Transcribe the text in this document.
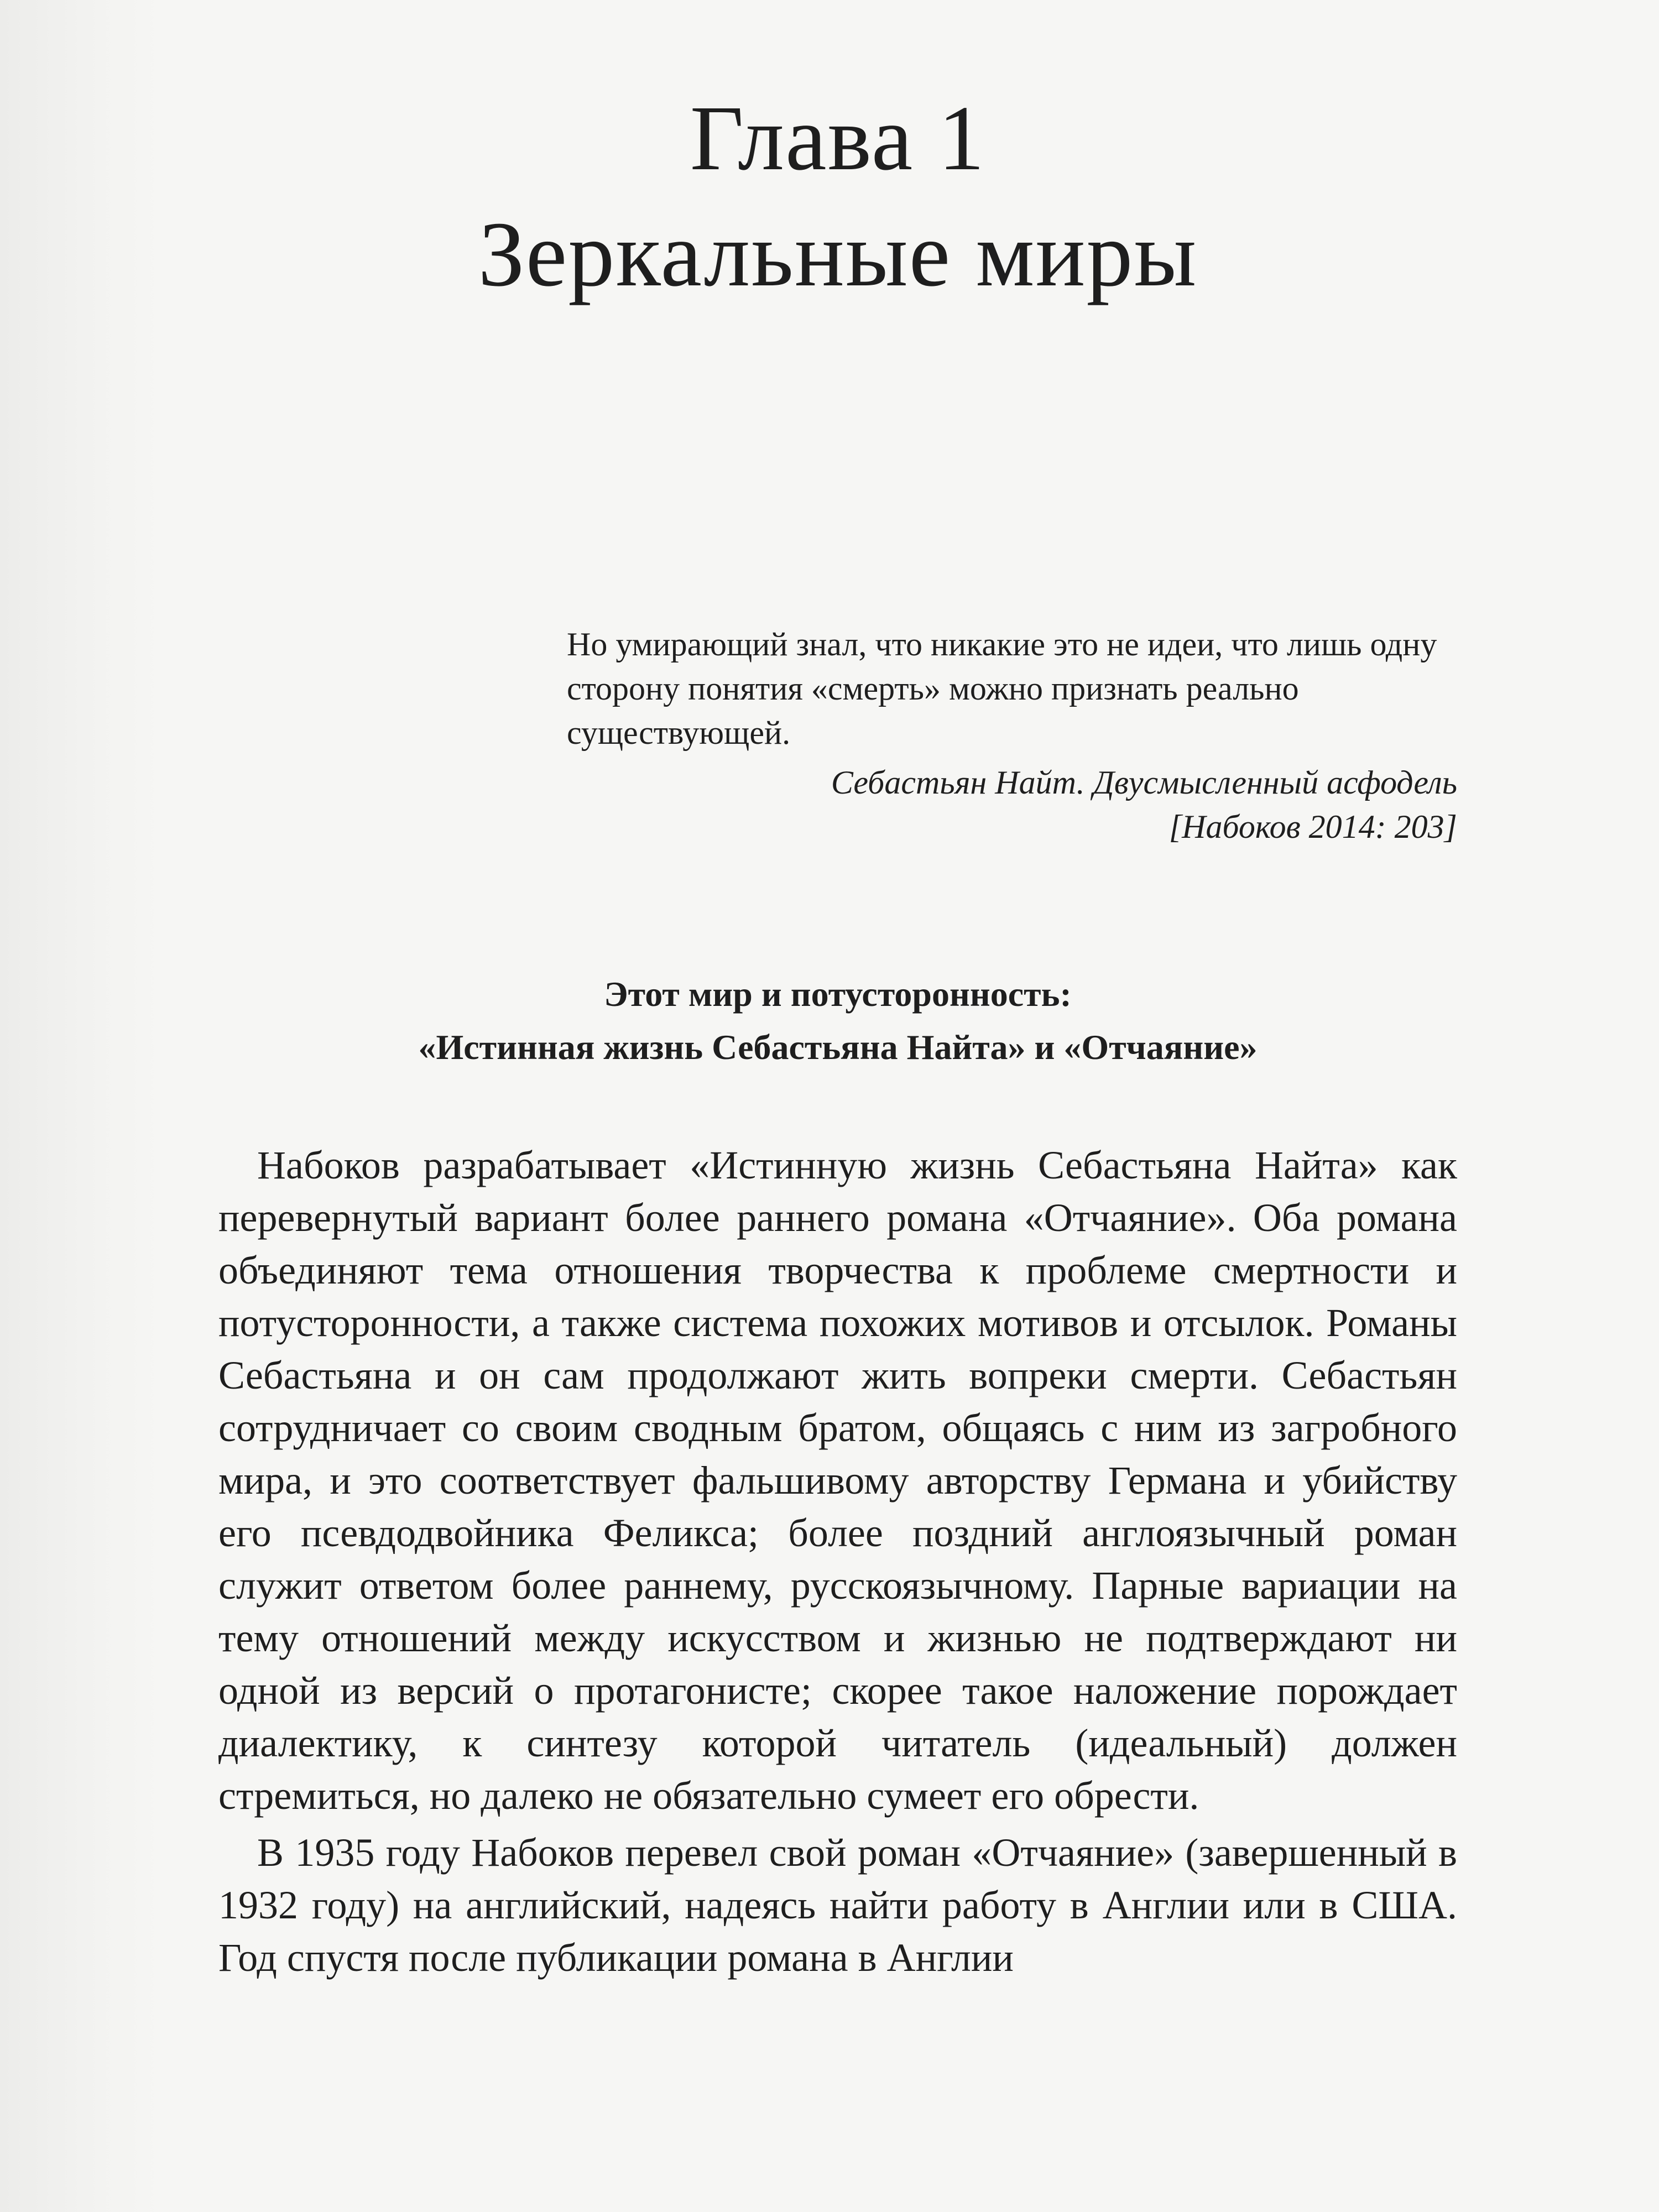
Глава 1
Зеркальные миры

Но умирающий знал, что никакие это не идеи, что лишь одну сторону понятия «смерть» можно признать реально существующей.

Себастьян Найт. Двусмысленный асфодель

[Набоков 2014: 203]

Этот мир и потусторонность:
«Истинная жизнь Себастьяна Найта» и «Отчаяние»

Набоков разрабатывает «Истинную жизнь Себастьяна Найта» как перевернутый вариант более раннего романа «Отчаяние». Оба романа объединяют тема отношения творчества к проблеме смертности и потусторонности, а также система похожих мотивов и отсылок. Романы Себастьяна и он сам продолжают жить вопреки смерти. Себастьян сотрудничает со своим сводным братом, общаясь с ним из загробного мира, и это соответствует фальшивому авторству Германа и убийству его псевдодвойника Феликса; более поздний англоязычный роман служит ответом более раннему, русскоязычному. Парные вариации на тему отношений между искусством и жизнью не подтверждают ни одной из версий о протагонисте; скорее такое наложение порождает диалектику, к синтезу которой читатель (идеальный) должен стремиться, но далеко не обязательно сумеет его обрести.

В 1935 году Набоков перевел свой роман «Отчаяние» (завершенный в 1932 году) на английский, надеясь найти работу в Англии или в США. Год спустя после публикации романа в Англии
